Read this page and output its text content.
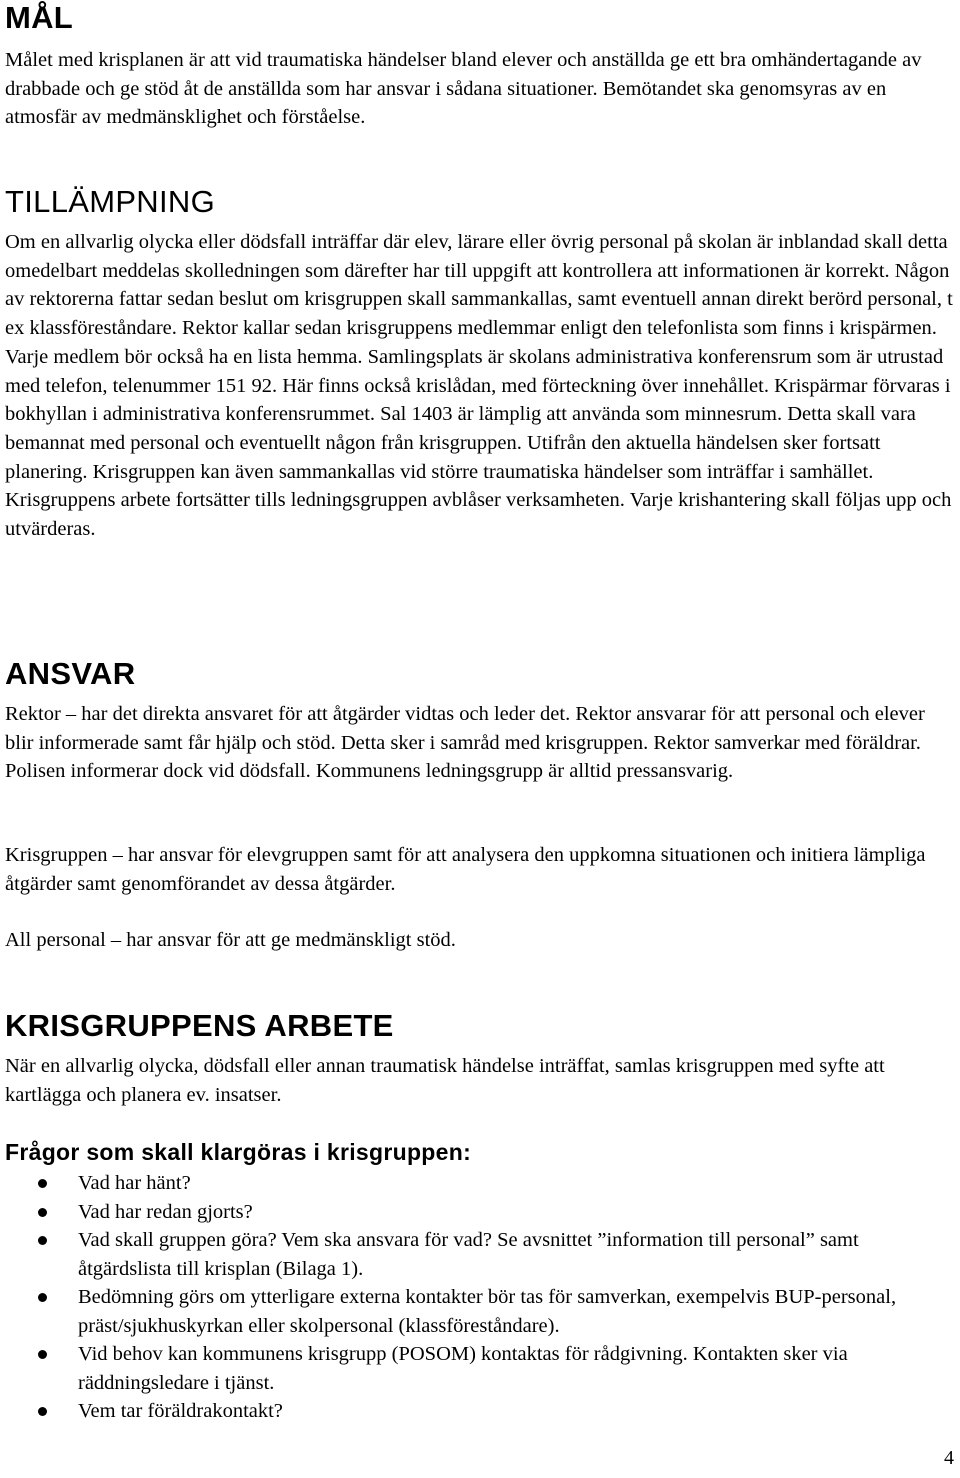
MÅL

Målet med krisplanen är att vid traumatiska händelser bland elever och anställda ge ett bra omhändertagande av drabbade och ge stöd åt de anställda som har ansvar i sådana situationer. Bemötandet ska genomsyras av en atmosfär av medmänsklighet och förståelse.

TILLÄMPNING

Om en allvarlig olycka eller dödsfall inträffar där elev, lärare eller övrig personal på skolan är inblandad skall detta omedelbart meddelas skolledningen som därefter har till uppgift att kontrollera att informationen är korrekt. Någon av rektorerna fattar sedan beslut om krisgruppen skall sammankallas, samt eventuell annan direkt berörd personal, t ex klassföreståndare. Rektor kallar sedan krisgruppens medlemmar enligt den telefonlista som finns i krispärmen. Varje medlem bör också ha en lista hemma. Samlingsplats är skolans administrativa konferensrum som är utrustad med telefon, telenummer 151 92. Här finns också krislådan, med förteckning över innehållet. Krispärmar förvaras i bokhyllan i administrativa konferensrummet. Sal 1403 är lämplig att använda som minnesrum. Detta skall vara bemannat med personal och eventuellt någon från krisgruppen. Utifrån den aktuella händelsen sker fortsatt planering. Krisgruppen kan även sammankallas vid större traumatiska händelser som inträffar i samhället. Krisgruppens arbete fortsätter tills ledningsgruppen avblåser verksamheten. Varje krishantering skall följas upp och utvärderas.

ANSVAR

Rektor – har det direkta ansvaret för att åtgärder vidtas och leder det. Rektor ansvarar för att personal och elever blir informerade samt får hjälp och stöd. Detta sker i samråd med krisgruppen. Rektor samverkar med föräldrar. Polisen informerar dock vid dödsfall. Kommunens ledningsgrupp är alltid pressansvarig.

Krisgruppen – har ansvar för elevgruppen samt för att analysera den uppkomna situationen och initiera lämpliga åtgärder samt genomförandet av dessa åtgärder.

All personal – har ansvar för att ge medmänskligt stöd.

KRISGRUPPENS ARBETE

När en allvarlig olycka, dödsfall eller annan traumatisk händelse inträffat, samlas krisgruppen med syfte att kartlägga och planera ev. insatser.

Frågor som skall klargöras i krisgruppen:
Vad har hänt?
Vad har redan gjorts?
Vad skall gruppen göra? Vem ska ansvara för vad? Se avsnittet ”information till personal” samt åtgärdslista till krisplan (Bilaga 1).
Bedömning görs om ytterligare externa kontakter bör tas för samverkan, exempelvis BUP-personal, präst/sjukhuskyrkan eller skolpersonal (klassföreståndare).
Vid behov kan kommunens krisgrupp (POSOM) kontaktas för rådgivning. Kontakten sker via räddningsledare i tjänst.
Vem tar föräldrakontakt?
4
